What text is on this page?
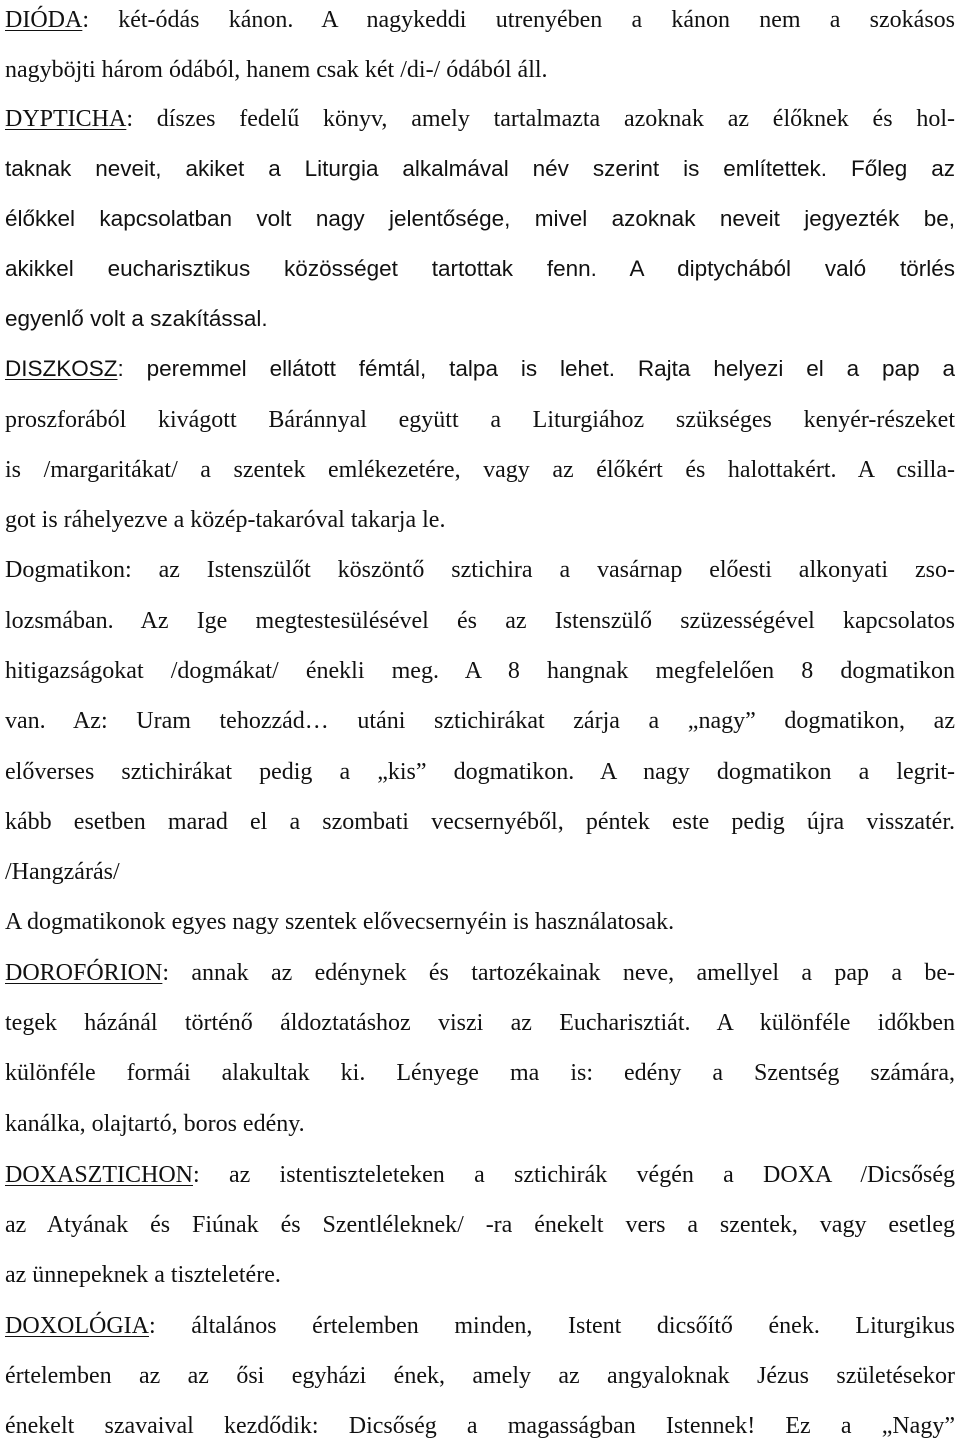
DIÓDA: két-ódás kánon. A nagykeddi utrenyében a kánon nem a szokásos
nagyböjti három ódából, hanem csak két /di-/ ódából áll.
DYPTICHA: díszes fedelű könyv, amely tartalmazta azoknak az élőknek és hol-
taknak neveit, akiket a Liturgia alkalmával név szerint is említettek. Főleg az
élőkkel kapcsolatban volt nagy jelentősége, mivel azoknak neveit jegyezték be,
akikkel eucharisztikus közösséget tartottak fenn. A diptychából való törlés
egyenlő volt a szakítással.
DISZKOSZ: peremmel ellátott fémtál, talpa is lehet. Rajta helyezi el a pap a
proszforából kivágott Báránnyal együtt a Liturgiához szükséges kenyér-részeket
is /margaritákat/ a szentek emlékezetére, vagy az élőkért és halottakért. A csilla-
got is ráhelyezve a közép-takaróval takarja le.
Dogmatikon: az Istenszülőt köszöntő sztichira a vasárnap előesti alkonyati zso-
lozsmában. Az Ige megtestesülésével és az Istenszülő szüzességével kapcsolatos
hitigazságokat /dogmákat/ énekli meg. A 8 hangnak megfelelően 8 dogmatikon
van. Az: Uram tehozzád… utáni sztichirákat zárja a „nagy” dogmatikon, az
előverses sztichirákat pedig a „kis” dogmatikon. A nagy dogmatikon a legrit-
kább esetben marad el a szombati vecsernyéből, péntek este pedig újra visszatér.
/Hangzárás/
A dogmatikonok egyes nagy szentek elővecsernyéin is használatosak.
DOROFÓRION: annak az edénynek és tartozékainak neve, amellyel a pap a be-
tegek házánál történő áldoztatáshoz viszi az Eucharisztiát. A különféle időkben
különféle formái alakultak ki. Lényege ma is: edény a Szentség számára,
kanálka, olajtartó, boros edény.
DOXASZTICHON: az istentiszteleteken a sztichirák végén a DOXA /Dicsőség
az Atyának és Fiúnak és Szentléleknek/ -ra énekelt vers a szentek, vagy esetleg
az ünnepeknek a tiszteletére.
DOXOLÓGIA: általános értelemben minden, Istent dicsőítő ének. Liturgikus
értelemben az az ősi egyházi ének, amely az angyaloknak Jézus születésekor
énekelt szavaival kezdődik: Dicsőség a magasságban Istennek! Ez a „Nagy”
